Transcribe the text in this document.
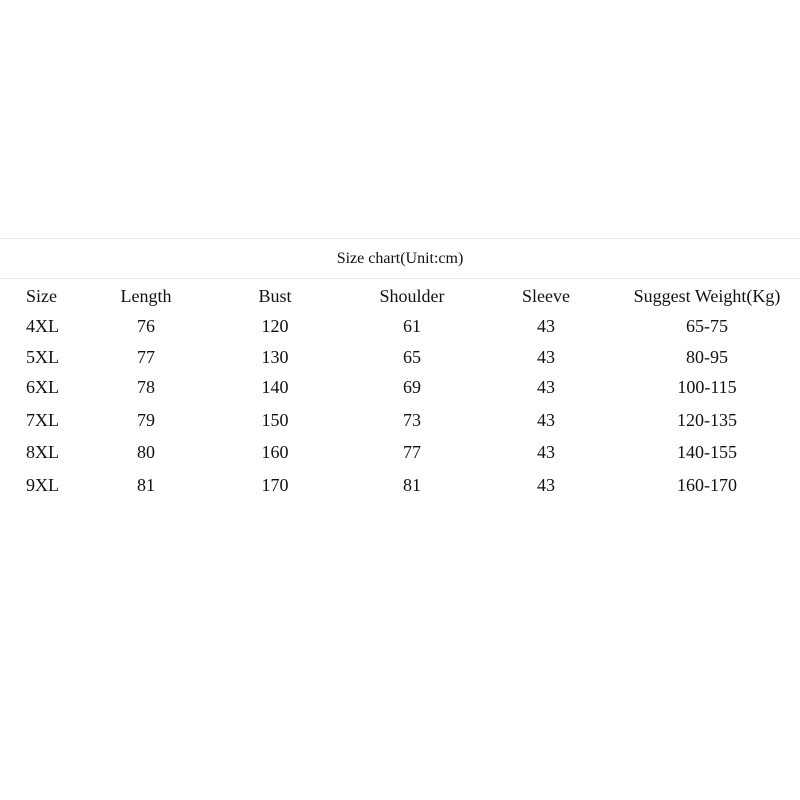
Size chart(Unit:cm)
Size	Length	Bust	Shoulder	Sleeve	Suggest Weight(Kg)
4XL	76	120	61	43	65-75
5XL	77	130	65	43	80-95
6XL	78	140	69	43	100-115
7XL	79	150	73	43	120-135
8XL	80	160	77	43	140-155
9XL	81	170	81	43	160-170
